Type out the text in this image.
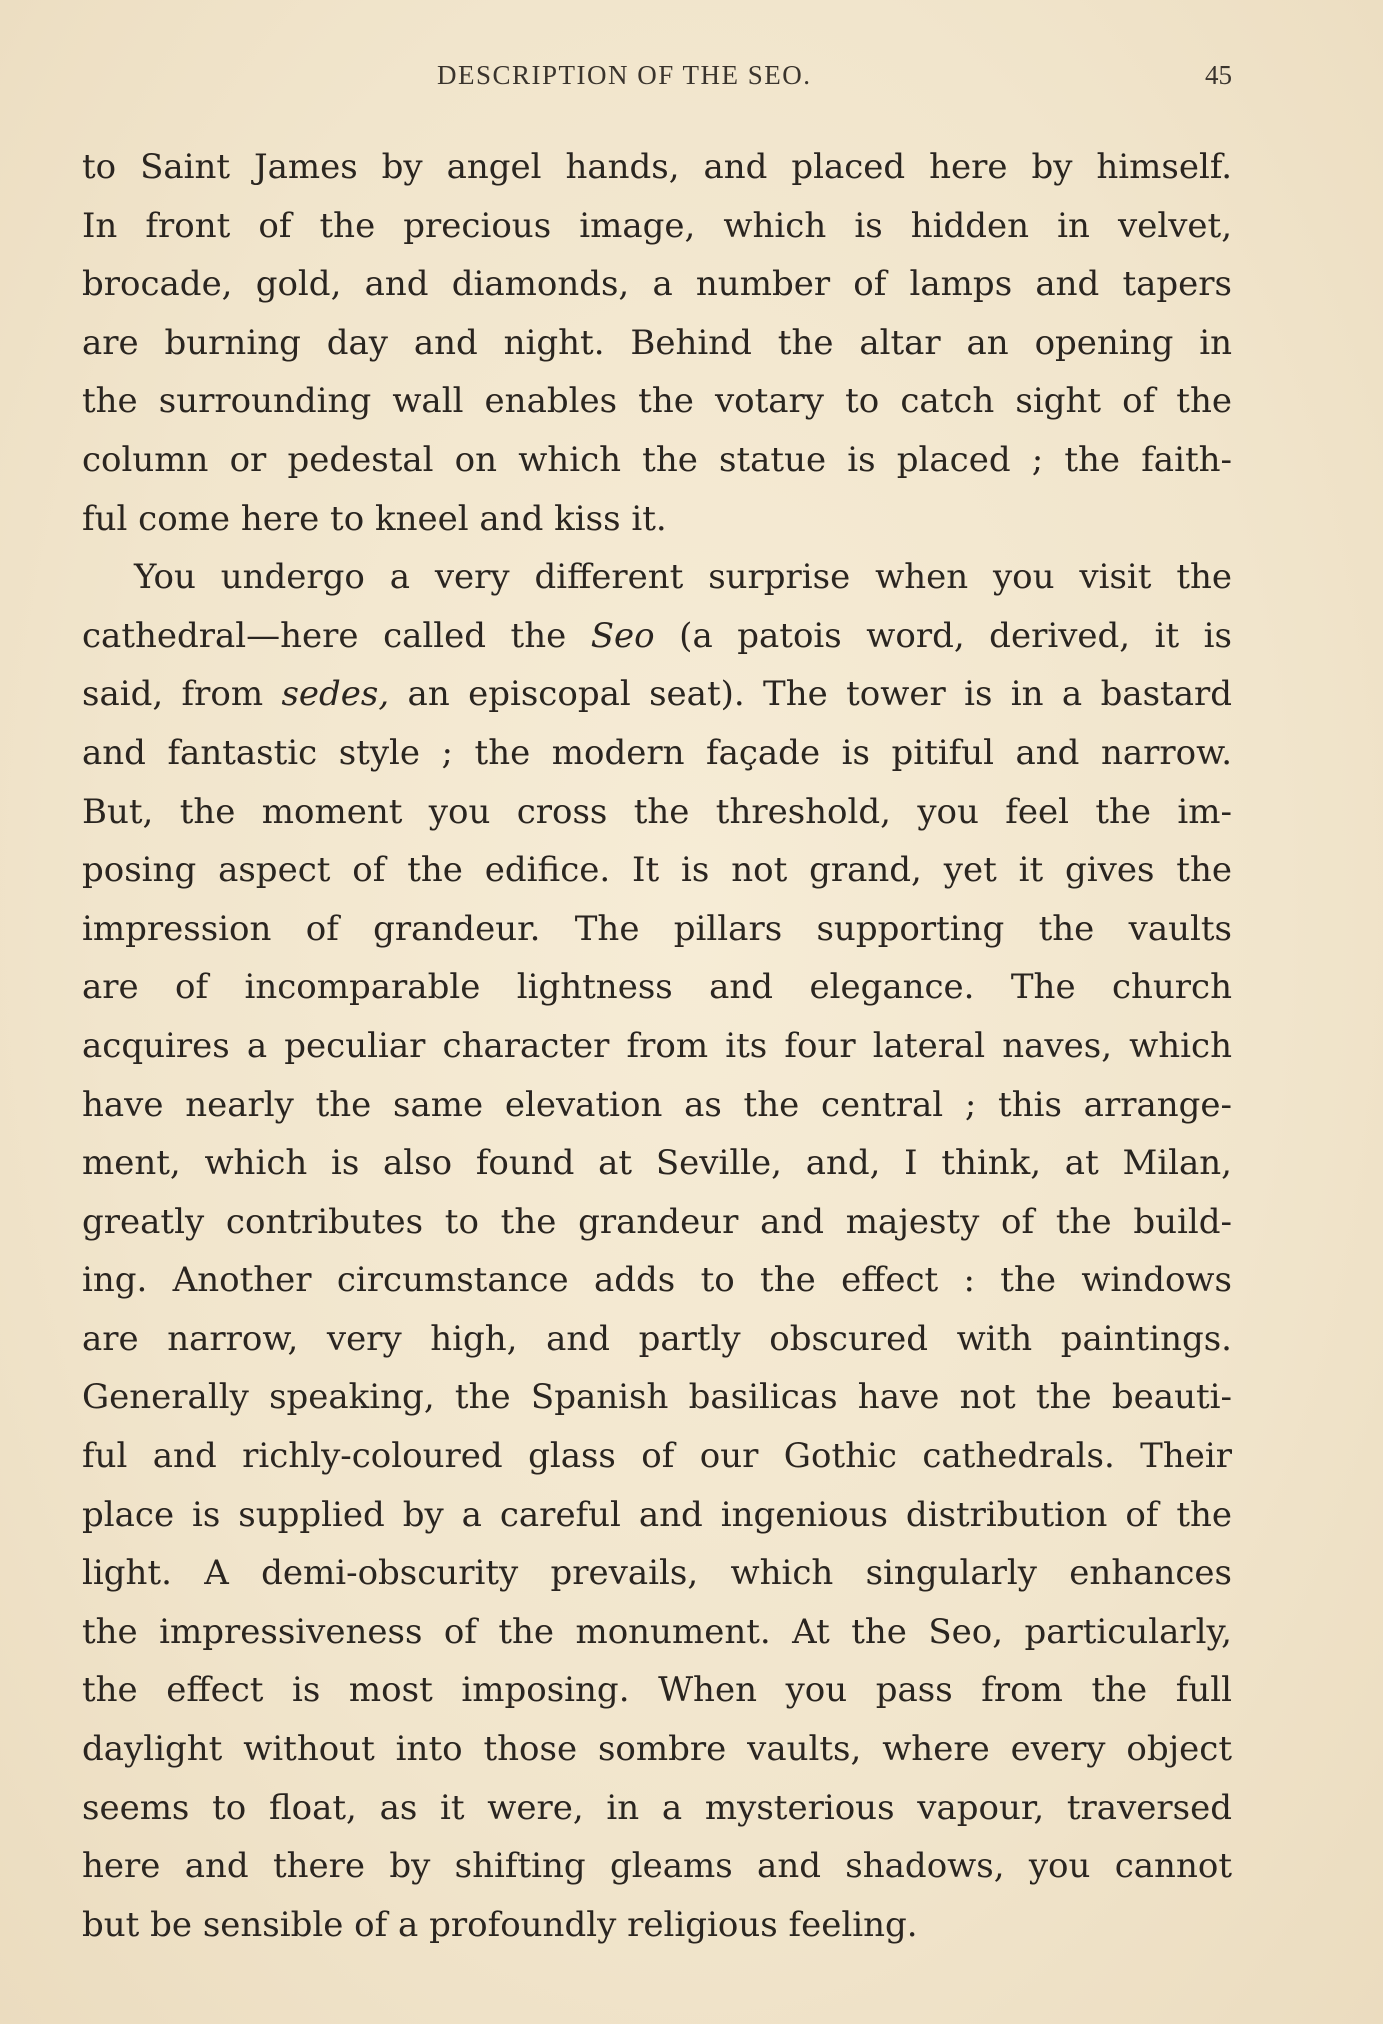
DESCRIPTION OF THE SEO.	45
to Saint James by angel hands, and placed here by himself.
In front of the precious image, which is hidden in velvet,
brocade, gold, and diamonds, a number of lamps and tapers
are burning day and night. Behind the altar an opening in
the surrounding wall enables the votary to catch sight of the
column or pedestal on which the statue is placed ; the faith-
ful come here to kneel and kiss it.
You undergo a very different surprise when you visit the
cathedral—here called the Seo (a patois word, derived, it is
said, from sedes, an episcopal seat). The tower is in a bastard
and fantastic style ; the modern façade is pitiful and narrow.
But, the moment you cross the threshold, you feel the im-
posing aspect of the edifice. It is not grand, yet it gives the
impression of grandeur. The pillars supporting the vaults
are of incomparable lightness and elegance. The church
acquires a peculiar character from its four lateral naves, which
have nearly the same elevation as the central ; this arrange-
ment, which is also found at Seville, and, I think, at Milan,
greatly contributes to the grandeur and majesty of the build-
ing. Another circumstance adds to the effect : the windows
are narrow, very high, and partly obscured with paintings.
Generally speaking, the Spanish basilicas have not the beauti-
ful and richly-coloured glass of our Gothic cathedrals. Their
place is supplied by a careful and ingenious distribution of the
light. A demi-obscurity prevails, which singularly enhances
the impressiveness of the monument. At the Seo, particularly,
the effect is most imposing. When you pass from the full
daylight without into those sombre vaults, where every object
seems to float, as it were, in a mysterious vapour, traversed
here and there by shifting gleams and shadows, you cannot
but be sensible of a profoundly religious feeling.
